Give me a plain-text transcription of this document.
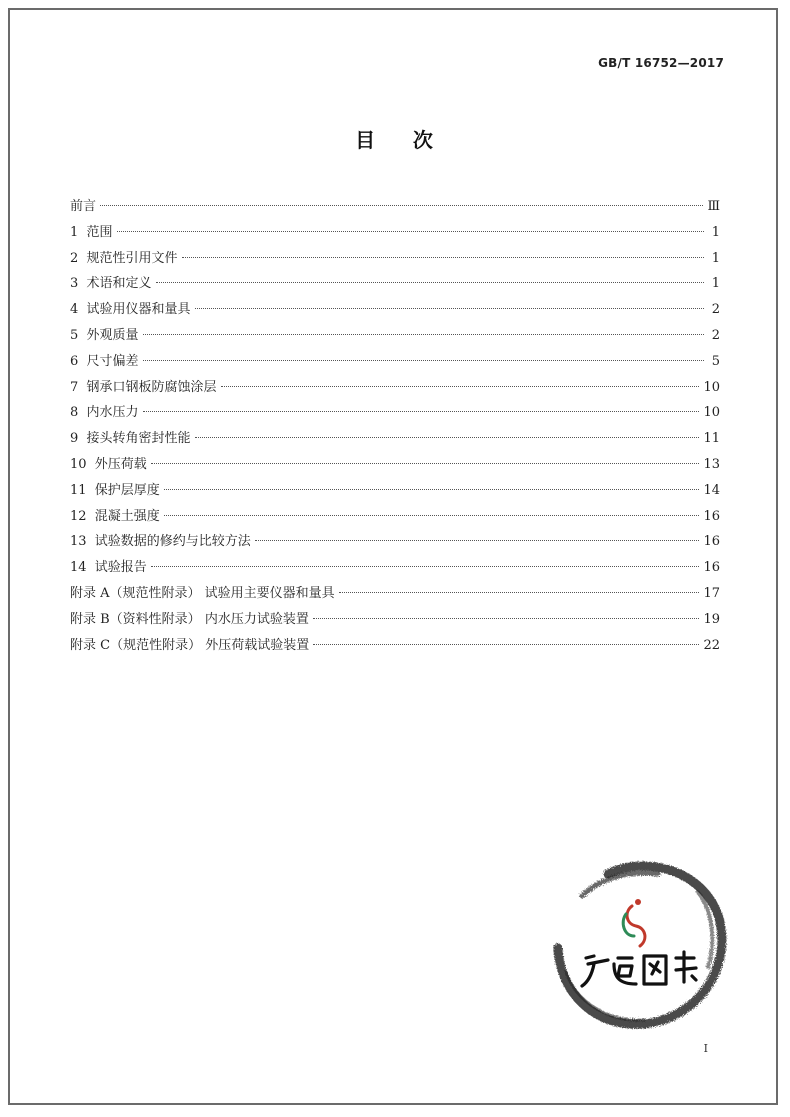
GB/T 16752—2017
目    次
前言	Ⅲ
1  范围	1
2  规范性引用文件	1
3  术语和定义	1
4  试验用仪器和量具	2
5  外观质量	2
6  尺寸偏差	5
7  钢承口钢板防腐蚀涂层	10
8  内水压力	10
9  接头转角密封性能	11
10  外压荷载	13
11  保护层厚度	14
12  混凝土强度	16
13  试验数据的修约与比较方法	16
14  试验报告	16
附录 A（规范性附录） 试验用主要仪器和量具	17
附录 B（资料性附录） 内水压力试验装置	19
附录 C（规范性附录） 外压荷载试验装置	22
I
